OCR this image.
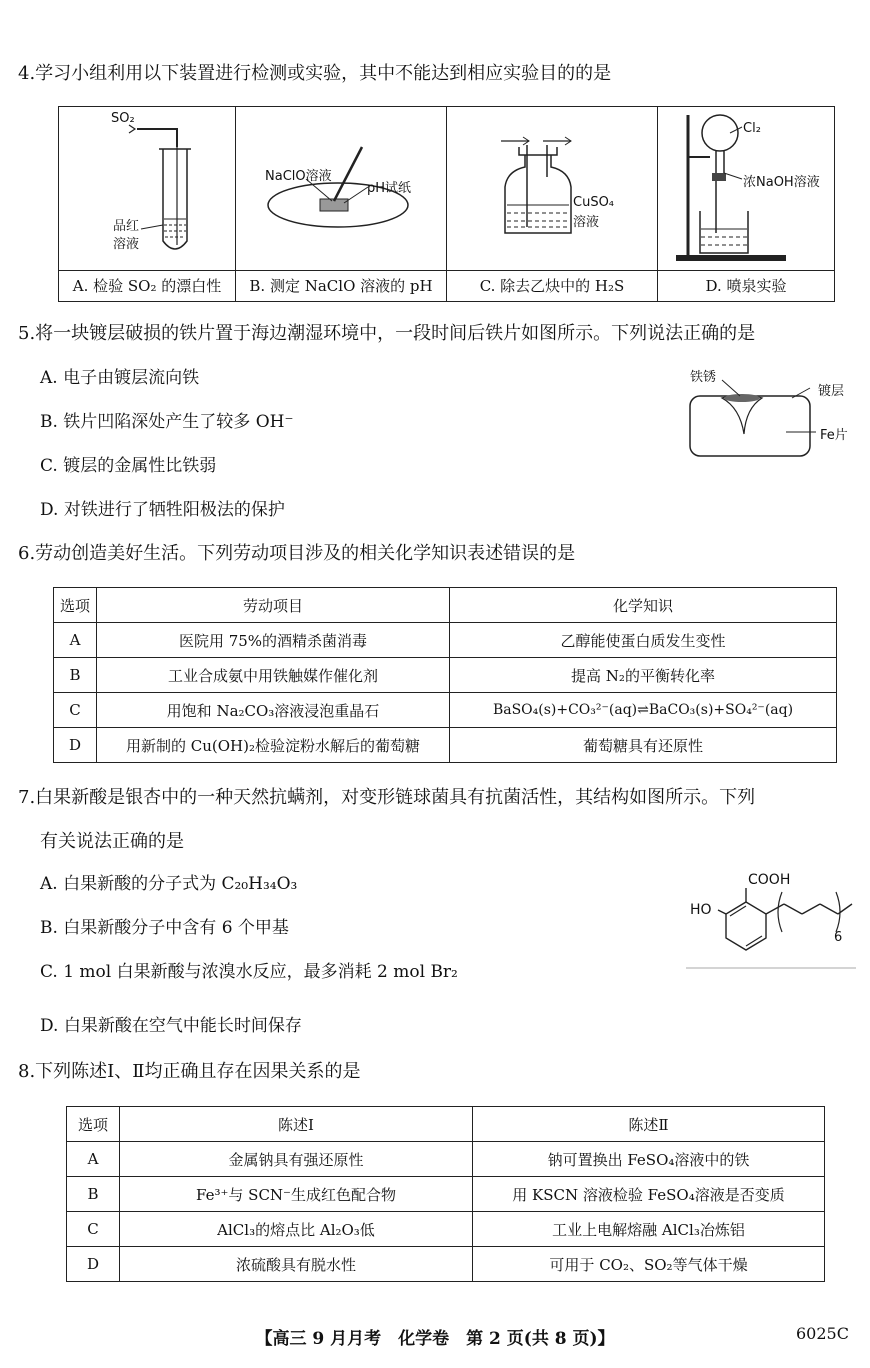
4.学习小组利用以下装置进行检测或实验，其中不能达到相应实验目的的是
SO₂
品红
溶液
NaClO溶液
pH试纸
CuSO₄
溶液
Cl₂
浓NaOH溶液
A. 检验 SO₂ 的漂白性	B. 测定 NaClO 溶液的 pH	C. 除去乙炔中的 H₂S	D. 喷泉实验
5.将一块镀层破损的铁片置于海边潮湿环境中，一段时间后铁片如图所示。下列说法正确的是
A. 电子由镀层流向铁
B. 铁片凹陷深处产生了较多 OH⁻
C. 镀层的金属性比铁弱
D. 对铁进行了牺牲阳极法的保护
铁锈
镀层
Fe片
6.劳动创造美好生活。下列劳动项目涉及的相关化学知识表述错误的是
选项	劳动项目	化学知识
A	医院用 75%的酒精杀菌消毒	乙醇能使蛋白质发生变性
B	工业合成氨中用铁触媒作催化剂	提高 N₂的平衡转化率
C	用饱和 Na₂CO₃溶液浸泡重晶石	BaSO₄(s)+CO₃²⁻(aq)⇌BaCO₃(s)+SO₄²⁻(aq)
D	用新制的 Cu(OH)₂检验淀粉水解后的葡萄糖	葡萄糖具有还原性
7.白果新酸是银杏中的一种天然抗螨剂，对变形链球菌具有抗菌活性，其结构如图所示。下列
有关说法正确的是
A. 白果新酸的分子式为 C₂₀H₃₄O₃
B. 白果新酸分子中含有 6 个甲基
C. 1 mol 白果新酸与浓溴水反应，最多消耗 2 mol Br₂
D. 白果新酸在空气中能长时间保存
COOH
HO
6
8.下列陈述Ⅰ、Ⅱ均正确且存在因果关系的是
选项	陈述Ⅰ	陈述Ⅱ
A	金属钠具有强还原性	钠可置换出 FeSO₄溶液中的铁
B	Fe³⁺与 SCN⁻生成红色配合物	用 KSCN 溶液检验 FeSO₄溶液是否变质
C	AlCl₃的熔点比 Al₂O₃低	工业上电解熔融 AlCl₃冶炼铝
D	浓硫酸具有脱水性	可用于 CO₂、SO₂等气体干燥
【高三 9 月月考　化学卷　第 2 页(共 8 页)】	6025C
